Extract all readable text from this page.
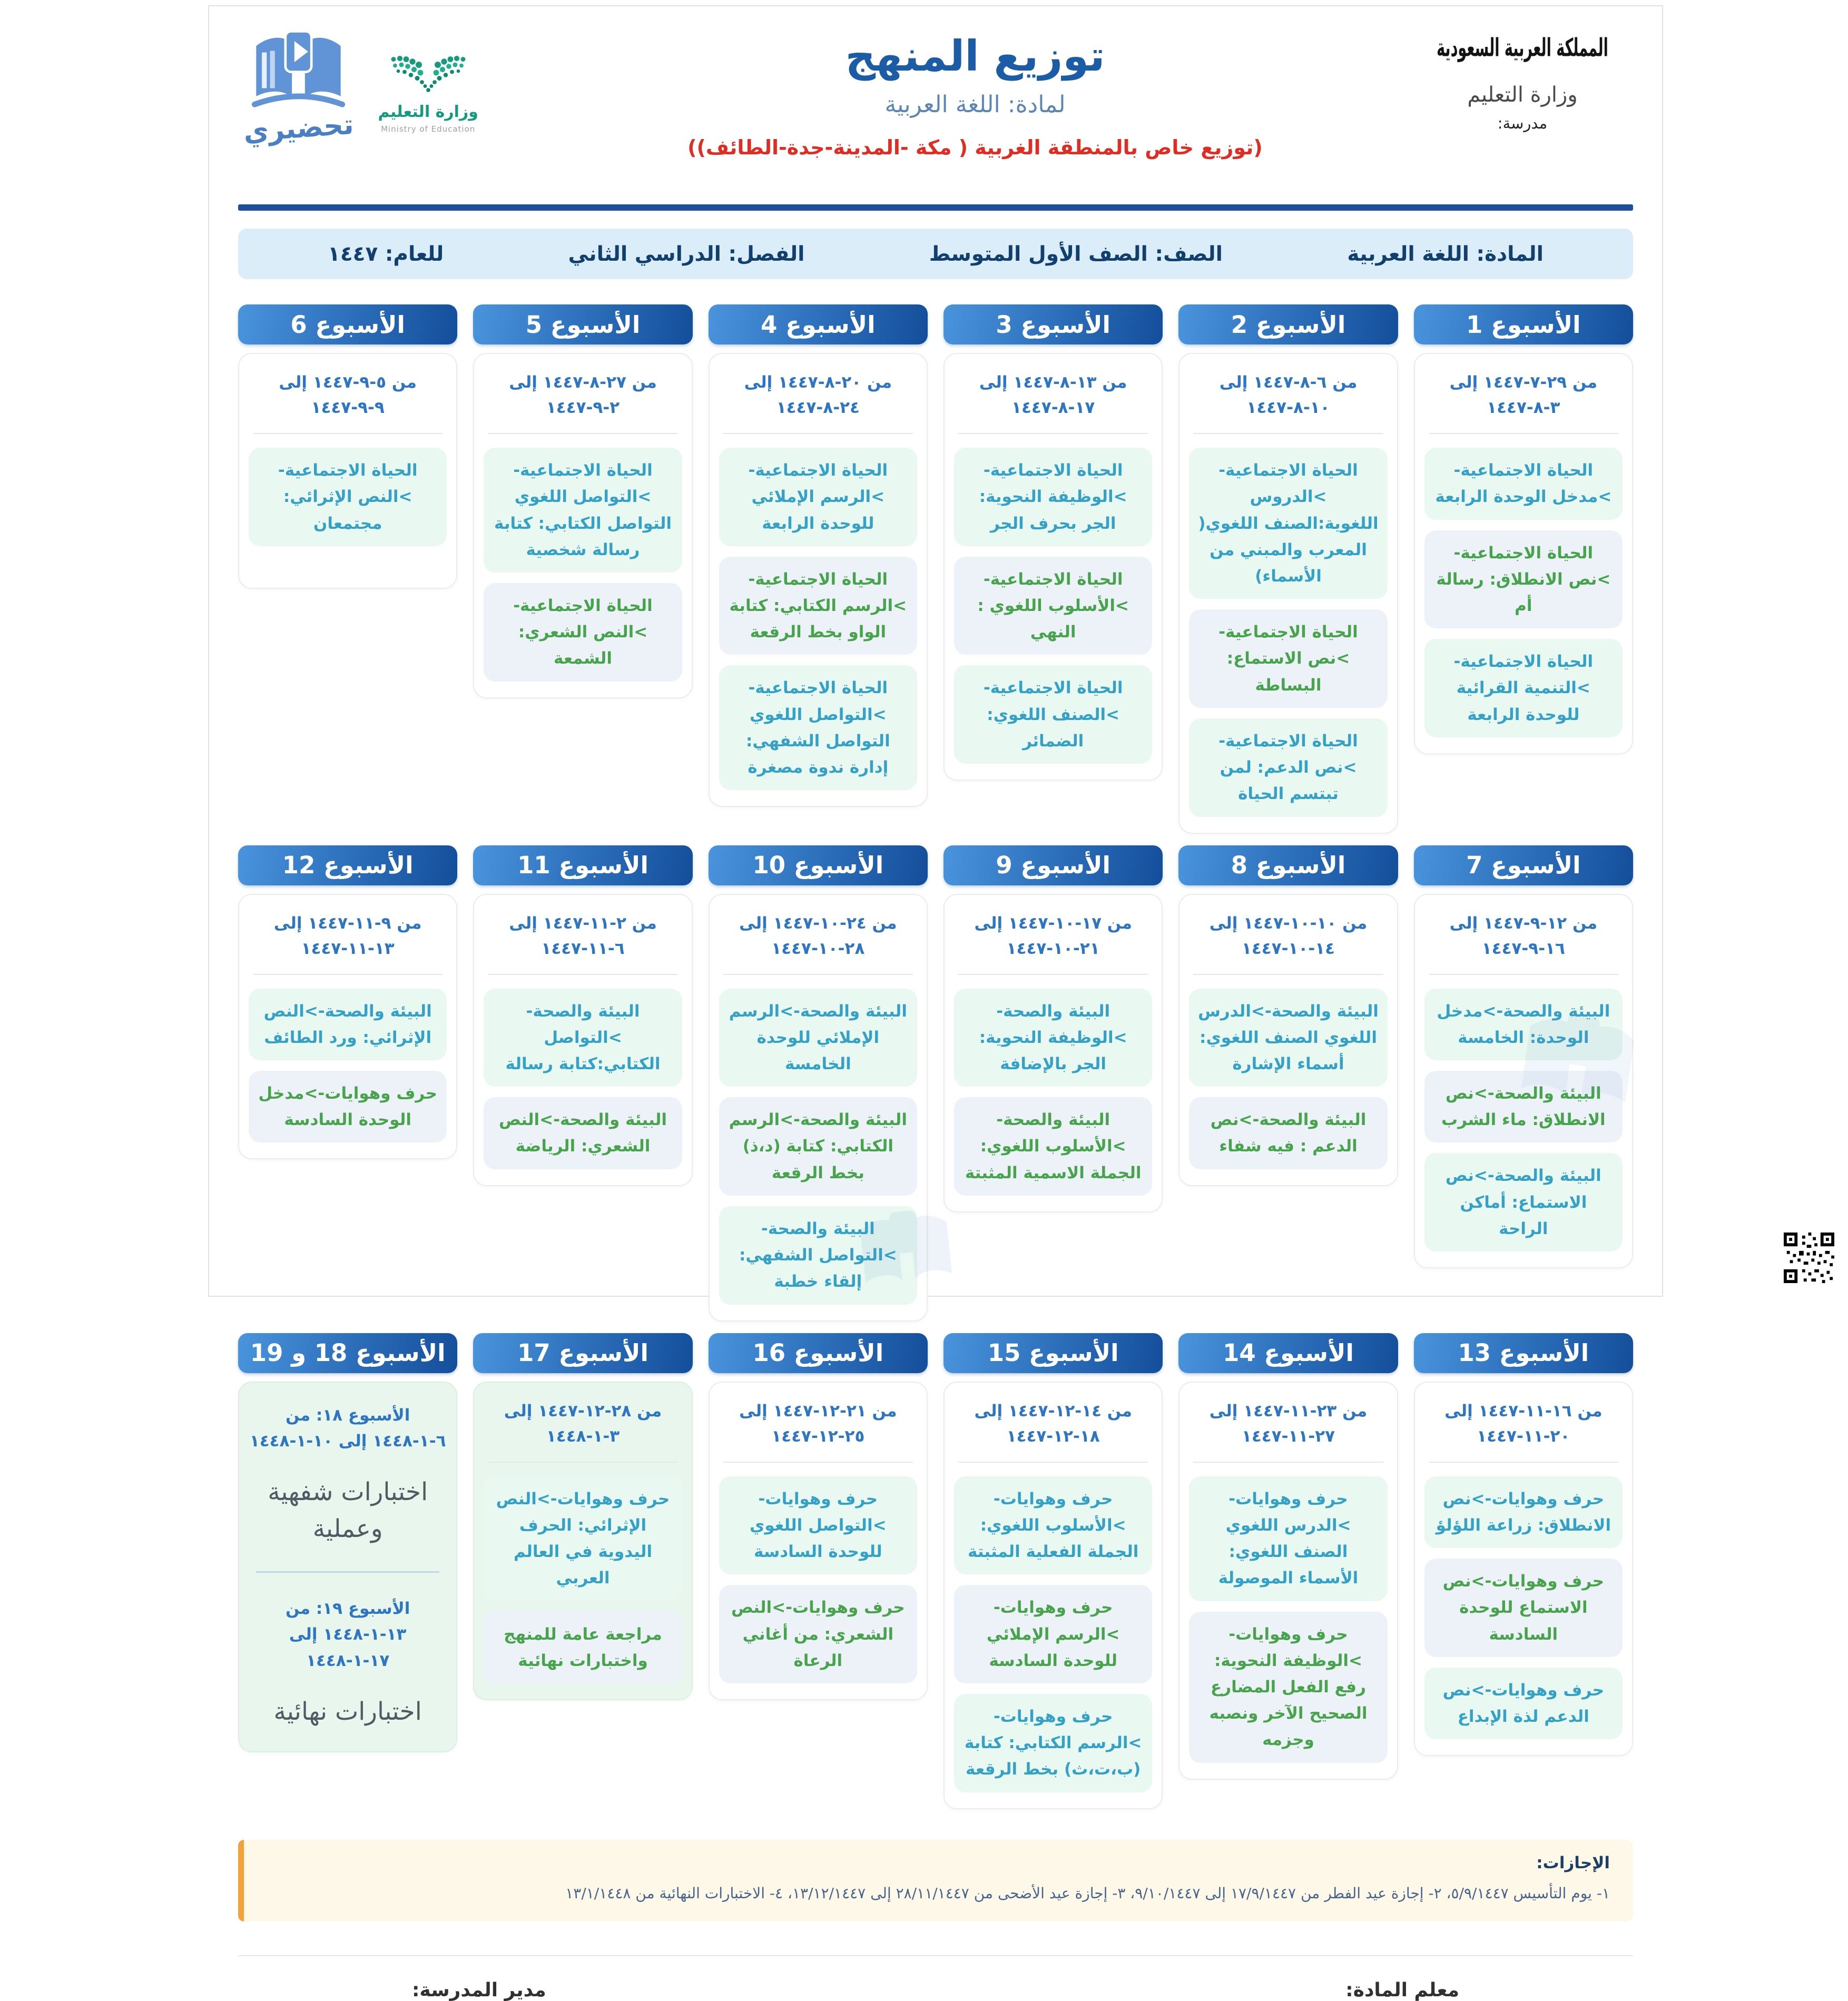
المملكة العربية السعودية
وزارة التعليم
مدرسة:
توزيع المنهج
لمادة: اللغة العربية
(توزيع خاص بالمنطقة الغربية ( مكة -المدينة-جدة-الطائف))
تحضيري وزارة التعليم
Ministry of Education
المادة: اللغة العربية
الصف: الصف الأول المتوسط
الفصل: الدراسي الثاني
للعام: ١٤٤٧
الأسبوع 1
من ٢٩-٧-١٤٤٧ إلى ٣-٨-١٤٤٧
الحياة الاجتماعية->مدخل الوحدة الرابعة
الحياة الاجتماعية->نص الانطلاق: رسالة أم
الحياة الاجتماعية->التنمية القرائية للوحدة الرابعة
الأسبوع 2
من ٦-٨-١٤٤٧ إلى ١٠-٨-١٤٤٧
الحياة الاجتماعية->الدروس اللغوية:الصنف اللغوي( المعرب والمبني من الأسماء)
الحياة الاجتماعية->نص الاستماع: البساطة
الحياة الاجتماعية->نص الدعم: لمن تبتسم الحياة
الأسبوع 3
من ١٣-٨-١٤٤٧ إلى ١٧-٨-١٤٤٧
الحياة الاجتماعية->الوظيفة النحوية: الجر بحرف الجر
الحياة الاجتماعية->الأسلوب اللغوي : النهي
الحياة الاجتماعية->الصنف اللغوي: الضمائر
الأسبوع 4
من ٢٠-٨-١٤٤٧ إلى ٢٤-٨-١٤٤٧
الحياة الاجتماعية->الرسم الإملائي للوحدة الرابعة
الحياة الاجتماعية->الرسم الكتابي: كتابة الواو بخط الرقعة
الحياة الاجتماعية->التواصل اللغوي التواصل الشفهي: إدارة ندوة مصغرة
الأسبوع 5
من ٢٧-٨-١٤٤٧ إلى ٢-٩-١٤٤٧
الحياة الاجتماعية->التواصل اللغوي التواصل الكتابي: كتابة رسالة شخصية
الحياة الاجتماعية->النص الشعري: الشمعة
الأسبوع 6
من ٥-٩-١٤٤٧ إلى ٩-٩-١٤٤٧
الحياة الاجتماعية->النص الإثرائي: مجتمعان
الأسبوع 7
من ١٢-٩-١٤٤٧ إلى ١٦-٩-١٤٤٧
البيئة والصحة->مدخل الوحدة: الخامسة
البيئة والصحة->نص الانطلاق: ماء الشرب
البيئة والصحة->نص الاستماع: أماكن الراحة
الأسبوع 8
من ١٠-١٠-١٤٤٧ إلى ١٤-١٠-١٤٤٧
البيئة والصحة->الدرس اللغوي الصنف اللغوي: أسماء الإشارة
البيئة والصحة->نص الدعم : فيه شفاء
الأسبوع 9
من ١٧-١٠-١٤٤٧ إلى ٢١-١٠-١٤٤٧
البيئة والصحة->الوظيفة النحوية: الجر بالإضافة
البيئة والصحة->الأسلوب اللغوي: الجملة الاسمية المثبتة
الأسبوع 10
من ٢٤-١٠-١٤٤٧ إلى ٢٨-١٠-١٤٤٧
البيئة والصحة->الرسم الإملائي للوحدة الخامسة
البيئة والصحة->الرسم الكتابي: كتابة (د،ذ) بخط الرقعة
البيئة والصحة->التواصل الشفهي: إلقاء خطبة
الأسبوع 11
من ٢-١١-١٤٤٧ إلى ٦-١١-١٤٤٧
البيئة والصحة->التواصل الكتابي:كتابة رسالة
البيئة والصحة->النص الشعري: الرياضة
الأسبوع 12
من ٩-١١-١٤٤٧ إلى ١٣-١١-١٤٤٧
البيئة والصحة->النص الإثرائي: ورد الطائف
حرف وهوايات->مدخل الوحدة السادسة
الأسبوع 13
من ١٦-١١-١٤٤٧ إلى ٢٠-١١-١٤٤٧
حرف وهوايات->نص الانطلاق: زراعة اللؤلؤ
حرف وهوايات->نص الاستماع للوحدة السادسة
حرف وهوايات->نص الدعم لذة الإبداع
الأسبوع 14
من ٢٣-١١-١٤٤٧ إلى ٢٧-١١-١٤٤٧
حرف وهوايات->الدرس اللغوي الصنف اللغوي: الأسماء الموصولة
حرف وهوايات->الوظيفة النحوية: رفع الفعل المضارع الصحيح الآخر ونصبه وجزمه
الأسبوع 15
من ١٤-١٢-١٤٤٧ إلى ١٨-١٢-١٤٤٧
حرف وهوايات->الأسلوب اللغوي: الجملة الفعلية المثبتة
حرف وهوايات->الرسم الإملائي للوحدة السادسة
حرف وهوايات->الرسم الكتابي: كتابة (ب،ت،ث) بخط الرقعة
الأسبوع 16
من ٢١-١٢-١٤٤٧ إلى ٢٥-١٢-١٤٤٧
حرف وهوايات->التواصل اللغوي للوحدة السادسة
حرف وهوايات->النص الشعري: من أغاني الرعاة
الأسبوع 17
من ٢٨-١٢-١٤٤٧ إلى ٣-١-١٤٤٨
حرف وهوايات->النص الإثرائي: الحرف اليدوية في العالم العربي
مراجعة عامة للمنهج واختبارات نهائية
الأسبوع 18 و 19
الأسبوع ١٨: من ٦-١-١٤٤٨ إلى ١٠-١-١٤٤٨
اختبارات شفهية وعملية
الأسبوع ١٩: من ١٣-١-١٤٤٨ إلى ١٧-١-١٤٤٨
اختبارات نهائية
الإجازات:
١- يوم التأسيس ٥/٩/١٤٤٧، ٢- إجازة عيد الفطر من ١٧/٩/١٤٤٧ إلى ٩/١٠/١٤٤٧، ٣- إجازة عيد الأضحى من ٢٨/١١/١٤٤٧ إلى ١٣/١٢/١٤٤٧، ٤- الاختبارات النهائية من ١٣/١/١٤٤٨
معلم المادة:
مدير المدرسة:
